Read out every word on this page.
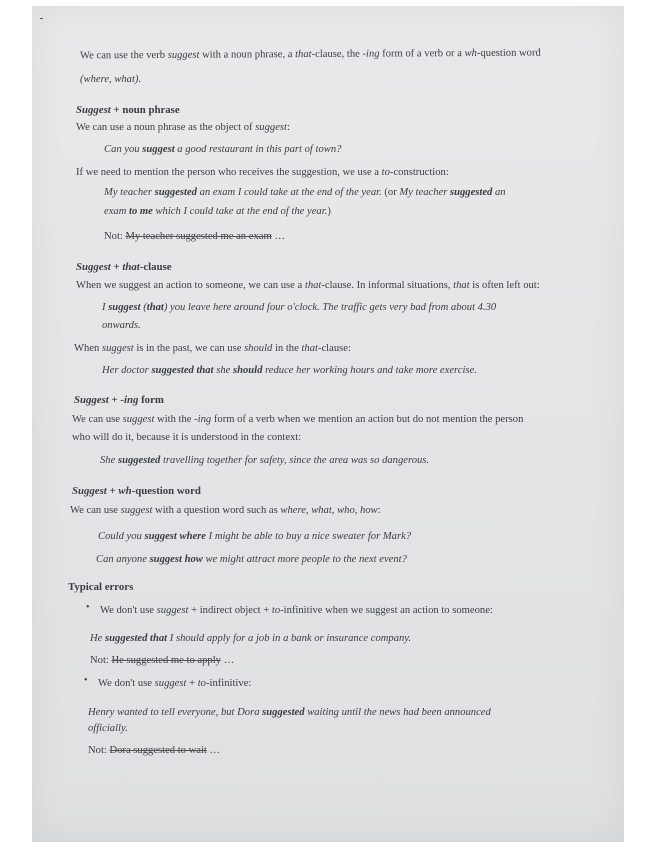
We can use the verb suggest with a noun phrase, a that-clause, the -ing form of a verb or a wh-question word
(where, what).
Suggest + noun phrase
We can use a noun phrase as the object of suggest:
Can you suggest a good restaurant in this part of town?
If we need to mention the person who receives the suggestion, we use a to-construction:
My teacher suggested an exam I could take at the end of the year. (or My teacher suggested an
exam to me which I could take at the end of the year.)
Not: My teacher suggested me an exam …
Suggest + that-clause
When we suggest an action to someone, we can use a that-clause. In informal situations, that is often left out:
I suggest (that) you leave here around four o'clock. The traffic gets very bad from about 4.30
onwards.
When suggest is in the past, we can use should in the that-clause:
Her doctor suggested that she should reduce her working hours and take more exercise.
Suggest + -ing form
We can use suggest with the -ing form of a verb when we mention an action but do not mention the person
who will do it, because it is understood in the context:
She suggested travelling together for safety, since the area was so dangerous.
Suggest + wh-question word
We can use suggest with a question word such as where, what, who, how:
Could you suggest where I might be able to buy a nice sweater for Mark?
Can anyone suggest how we might attract more people to the next event?
Typical errors
• We don't use suggest + indirect object + to-infinitive when we suggest an action to someone:
He suggested that I should apply for a job in a bank or insurance company.
Not: He suggested me to apply …
• We don't use suggest + to-infinitive:
Henry wanted to tell everyone, but Dora suggested waiting until the news had been announced
officially.
Not: Dora suggested to wait …
